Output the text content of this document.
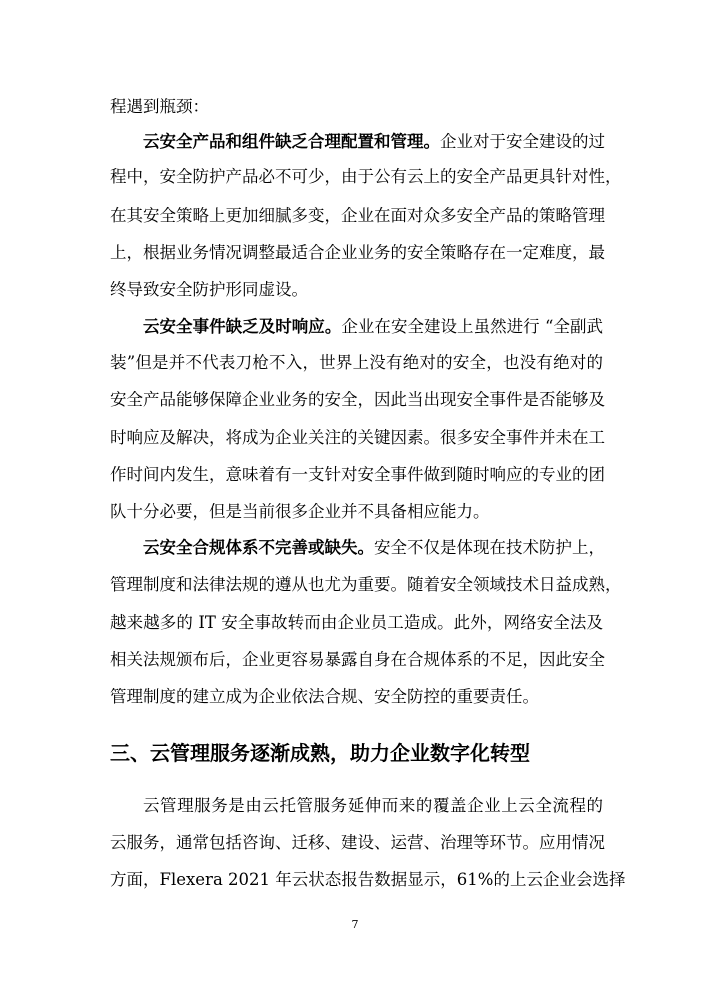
程遇到瓶颈：
云安全产品和组件缺乏合理配置和管理。企业对于安全建设的过
程中，安全防护产品必不可少，由于公有云上的安全产品更具针对性，
在其安全策略上更加细腻多变，企业在面对众多安全产品的策略管理
上，根据业务情况调整最适合企业业务的安全策略存在一定难度，最
终导致安全防护形同虚设。
云安全事件缺乏及时响应。企业在安全建设上虽然进行 “全副武
装”但是并不代表刀枪不入，世界上没有绝对的安全，也没有绝对的
安全产品能够保障企业业务的安全，因此当出现安全事件是否能够及
时响应及解决，将成为企业关注的关键因素。很多安全事件并未在工
作时间内发生，意味着有一支针对安全事件做到随时响应的专业的团
队十分必要，但是当前很多企业并不具备相应能力。
云安全合规体系不完善或缺失。安全不仅是体现在技术防护上，
管理制度和法律法规的遵从也尤为重要。随着安全领域技术日益成熟，
越来越多的 IT 安全事故转而由企业员工造成。此外，网络安全法及
相关法规颁布后，企业更容易暴露自身在合规体系的不足，因此安全
管理制度的建立成为企业依法合规、安全防控的重要责任。
三、云管理服务逐渐成熟，助力企业数字化转型
云管理服务是由云托管服务延伸而来的覆盖企业上云全流程的
云服务，通常包括咨询、迁移、建设、运营、治理等环节。应用情况
方面，Flexera 2021 年云状态报告数据显示，61%的上云企业会选择
7
